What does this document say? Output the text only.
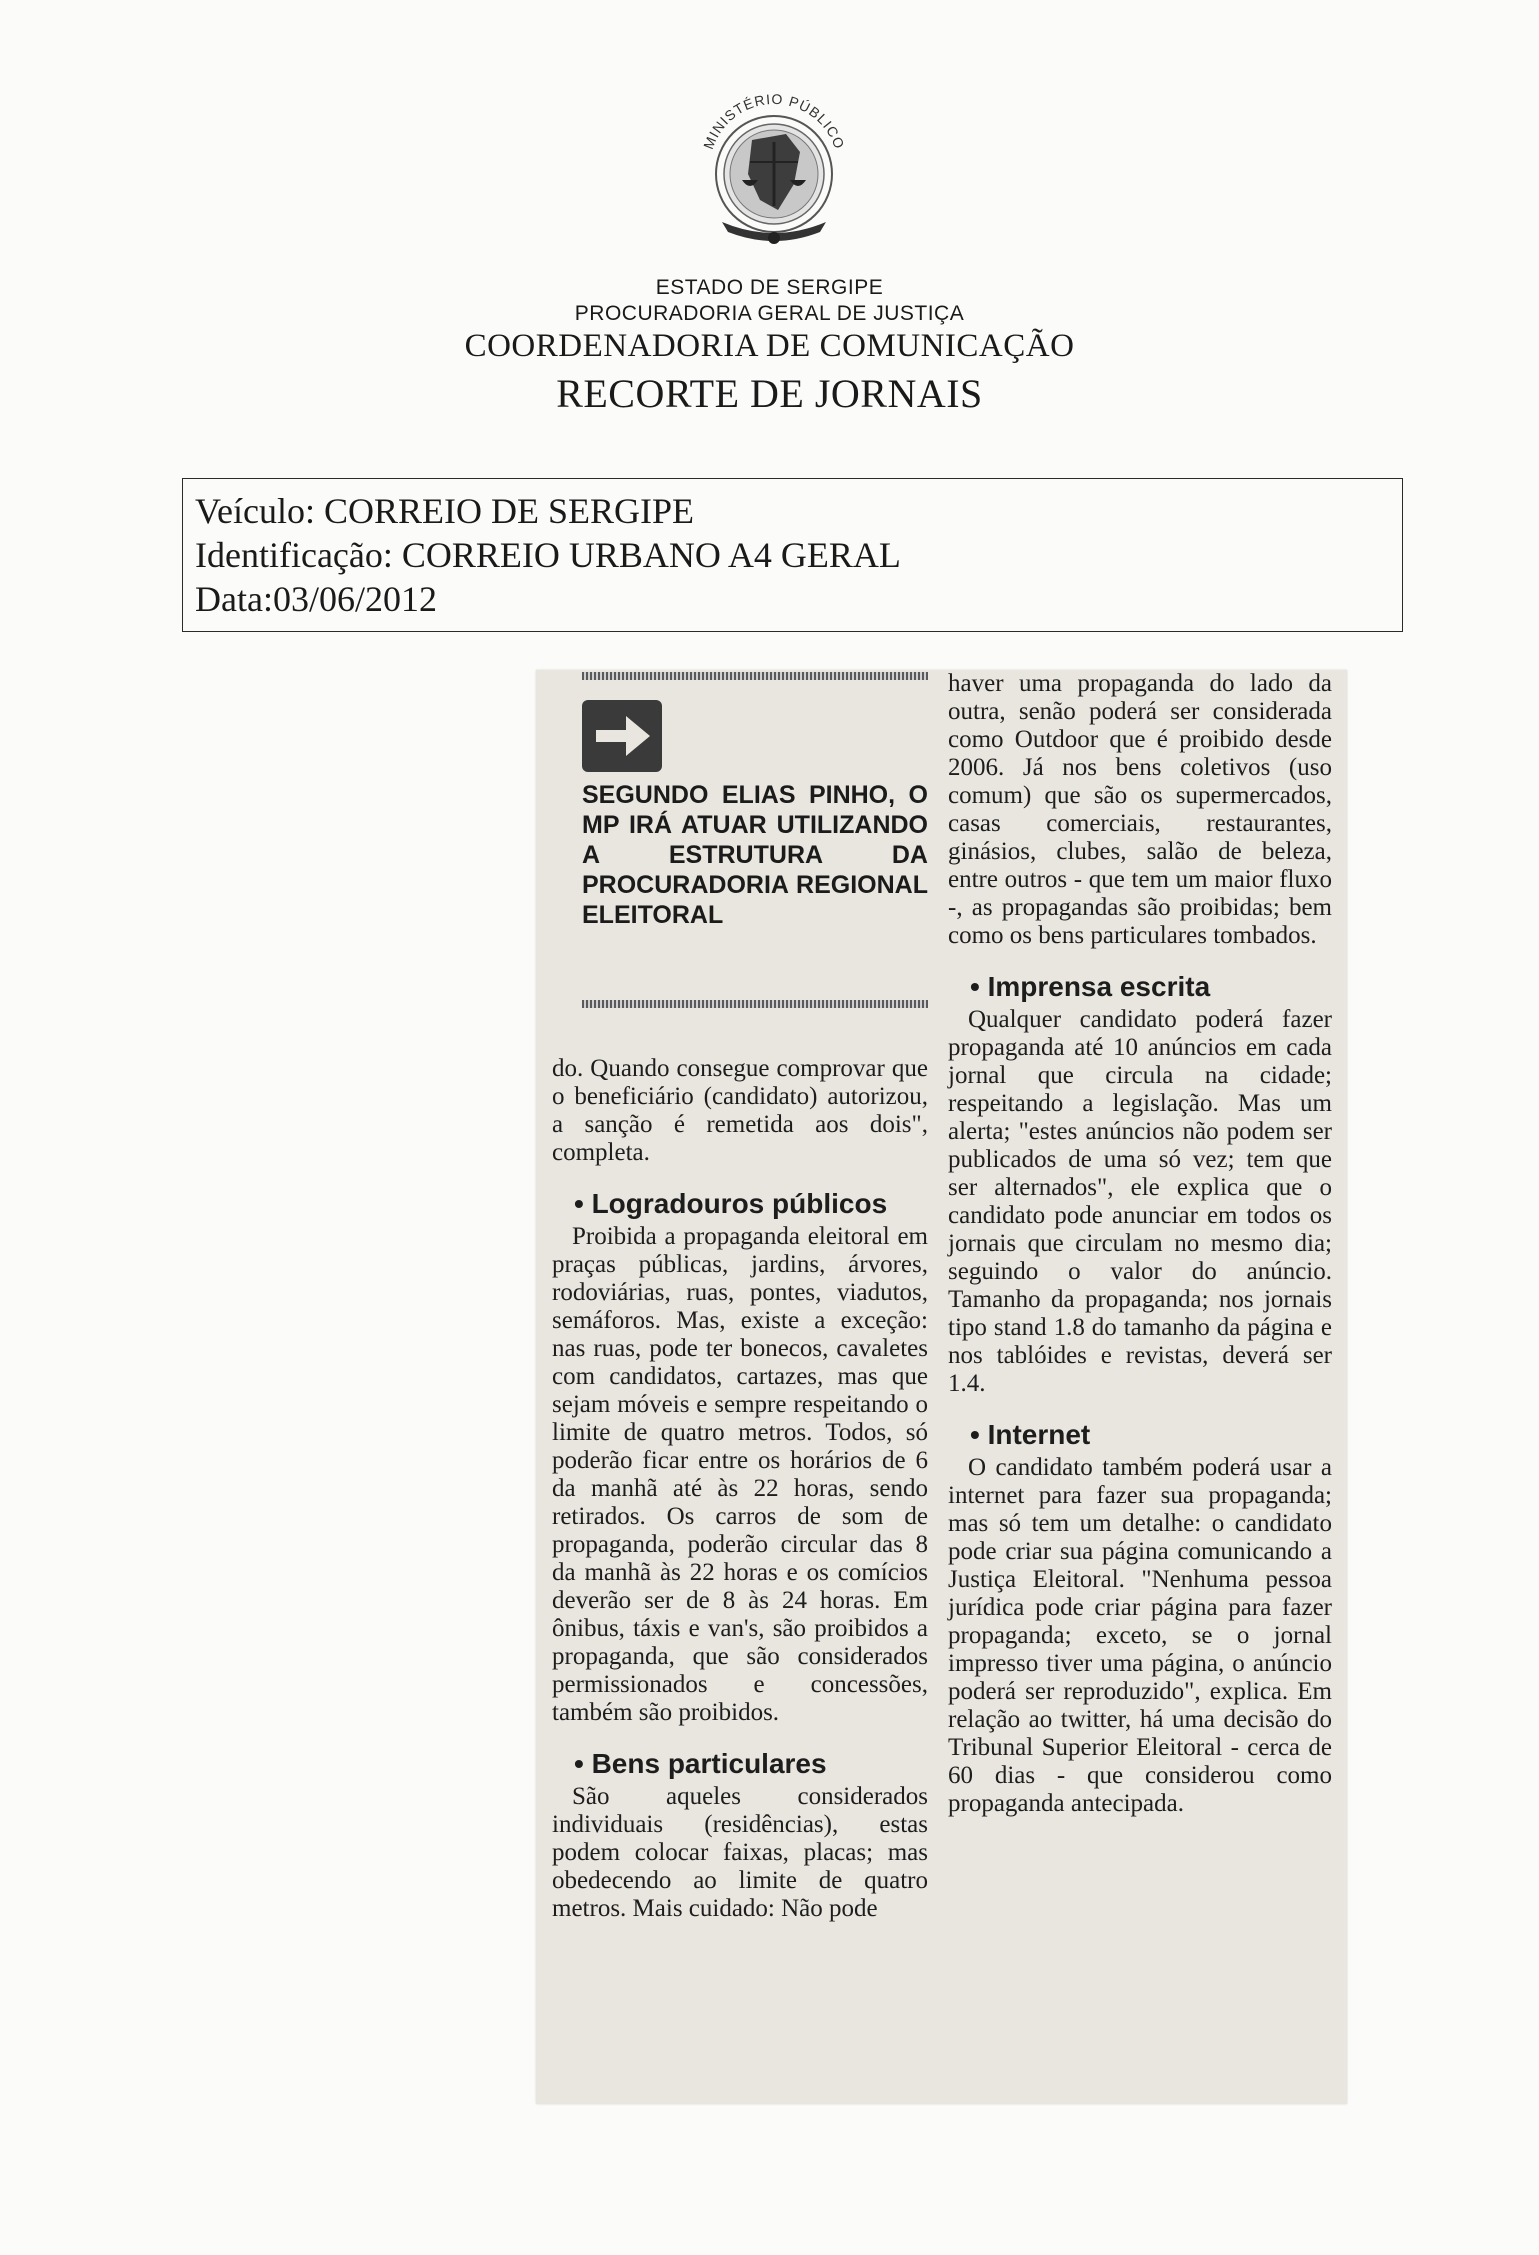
MINISTÉRIO PÚBLICO
ESTADO DE SERGIPE
PROCURADORIA GERAL DE JUSTIÇA
COORDENADORIA DE COMUNICAÇÃO
RECORTE DE JORNAIS
Veículo: CORREIO DE SERGIPE
Identificação: CORREIO URBANO A4 GERAL
Data:03/06/2012
SEGUNDO ELIAS PINHO, O MP IRÁ ATUAR UTILIZANDO A ESTRUTURA DA PROCURADORIA REGIONAL ELEITORAL

do. Quando consegue comprovar que o beneficiário (candidato) autorizou, a sanção é remetida aos dois", completa.

• Logradouros públicos

Proibida a propaganda eleitoral em praças públicas, jardins, árvores, rodoviárias, ruas, pontes, viadutos, semáforos. Mas, existe a exceção: nas ruas, pode ter bonecos, cavaletes com candidatos, cartazes, mas que sejam móveis e sempre respeitando o limite de quatro metros. Todos, só poderão ficar entre os horários de 6 da manhã até às 22 horas, sendo retirados. Os carros de som de propaganda, poderão circular das 8 da manhã às 22 horas e os comícios deverão ser de 8 às 24 horas. Em ônibus, táxis e van's, são proibidos a propaganda, que são considerados permissionados e concessões, também são proibidos.

• Bens particulares

São aqueles considerados individuais (residências), estas podem colocar faixas, placas; mas obedecendo ao limite de quatro metros. Mais cuidado: Não pode

haver uma propaganda do lado da outra, senão poderá ser considerada como Outdoor que é proibido desde 2006. Já nos bens coletivos (uso comum) que são os supermercados, casas comerciais, restaurantes, ginásios, clubes, salão de beleza, entre outros - que tem um maior fluxo -, as propagandas são proibidas; bem como os bens particulares tombados.

• Imprensa escrita

Qualquer candidato poderá fazer propaganda até 10 anúncios em cada jornal que circula na cidade; respeitando a legislação. Mas um alerta; "estes anúncios não podem ser publicados de uma só vez; tem que ser alternados", ele explica que o candidato pode anunciar em todos os jornais que circulam no mesmo dia; seguindo o valor do anúncio. Tamanho da propaganda; nos jornais tipo stand 1.8 do tamanho da página e nos tablóides e revistas, deverá ser 1.4.

• Internet

O candidato também poderá usar a internet para fazer sua propaganda; mas só tem um detalhe: o candidato pode criar sua página comunicando a Justiça Eleitoral. "Nenhuma pessoa jurídica pode criar página para fazer propaganda; exceto, se o jornal impresso tiver uma página, o anúncio poderá ser reproduzido", explica. Em relação ao twitter, há uma decisão do Tribunal Superior Eleitoral - cerca de 60 dias - que considerou como propaganda antecipada.
